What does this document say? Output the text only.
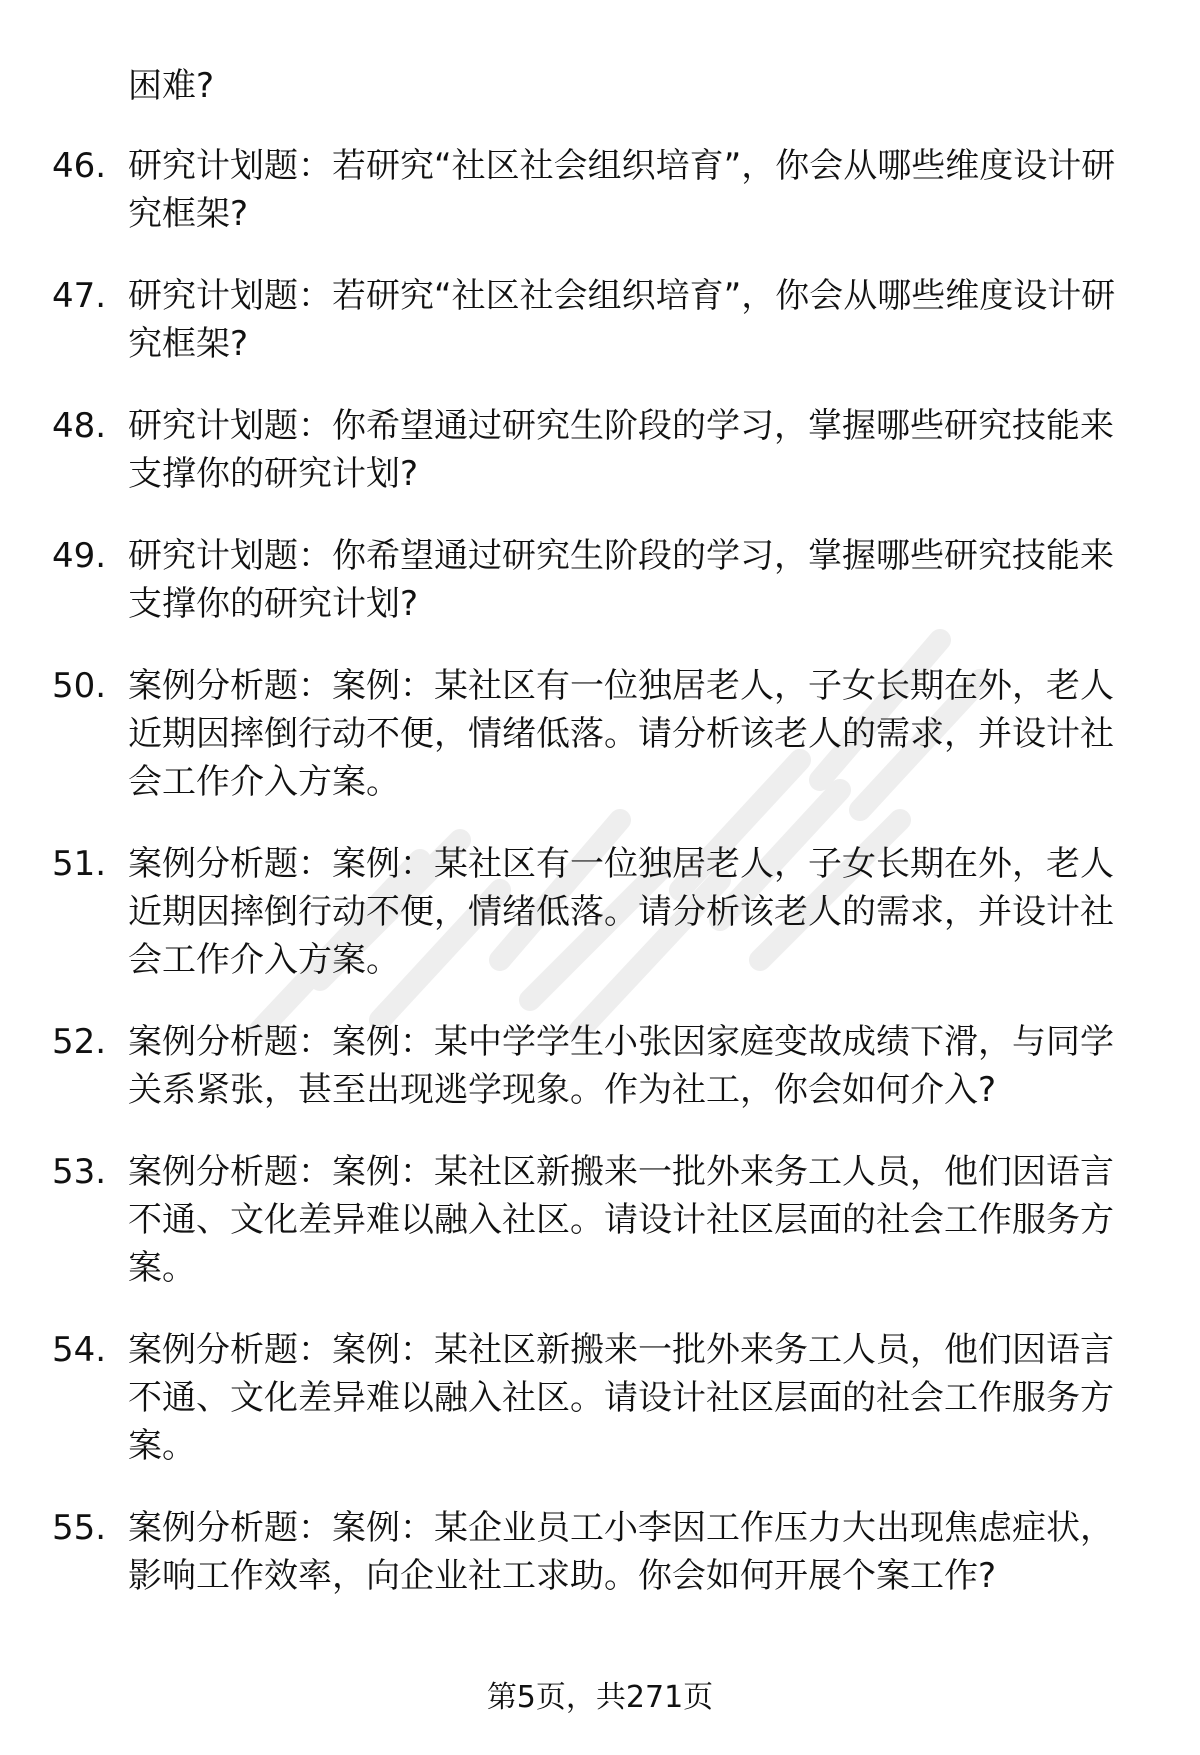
困难?
46. 研究计划题：若研究“社区社会组织培育”，你会从哪些维度设计研究框架?
47. 研究计划题：若研究“社区社会组织培育”，你会从哪些维度设计研究框架?
48. 研究计划题：你希望通过研究生阶段的学习，掌握哪些研究技能来支撑你的研究计划?
49. 研究计划题：你希望通过研究生阶段的学习，掌握哪些研究技能来支撑你的研究计划?
50. 案例分析题：案例：某社区有一位独居老人，子女长期在外，老人近期因摔倒行动不便，情绪低落。请分析该老人的需求，并设计社会工作介入方案。
51. 案例分析题：案例：某社区有一位独居老人，子女长期在外，老人近期因摔倒行动不便，情绪低落。请分析该老人的需求，并设计社会工作介入方案。
52. 案例分析题：案例：某中学学生小张因家庭变故成绩下滑，与同学关系紧张，甚至出现逃学现象。作为社工，你会如何介入?
53. 案例分析题：案例：某社区新搬来一批外来务工人员，他们因语言不通、文化差异难以融入社区。请设计社区层面的社会工作服务方案。
54. 案例分析题：案例：某社区新搬来一批外来务工人员，他们因语言不通、文化差异难以融入社区。请设计社区层面的社会工作服务方案。
55. 案例分析题：案例：某企业员工小李因工作压力大出现焦虑症状，影响工作效率，向企业社工求助。你会如何开展个案工作?
第5页，共271页
